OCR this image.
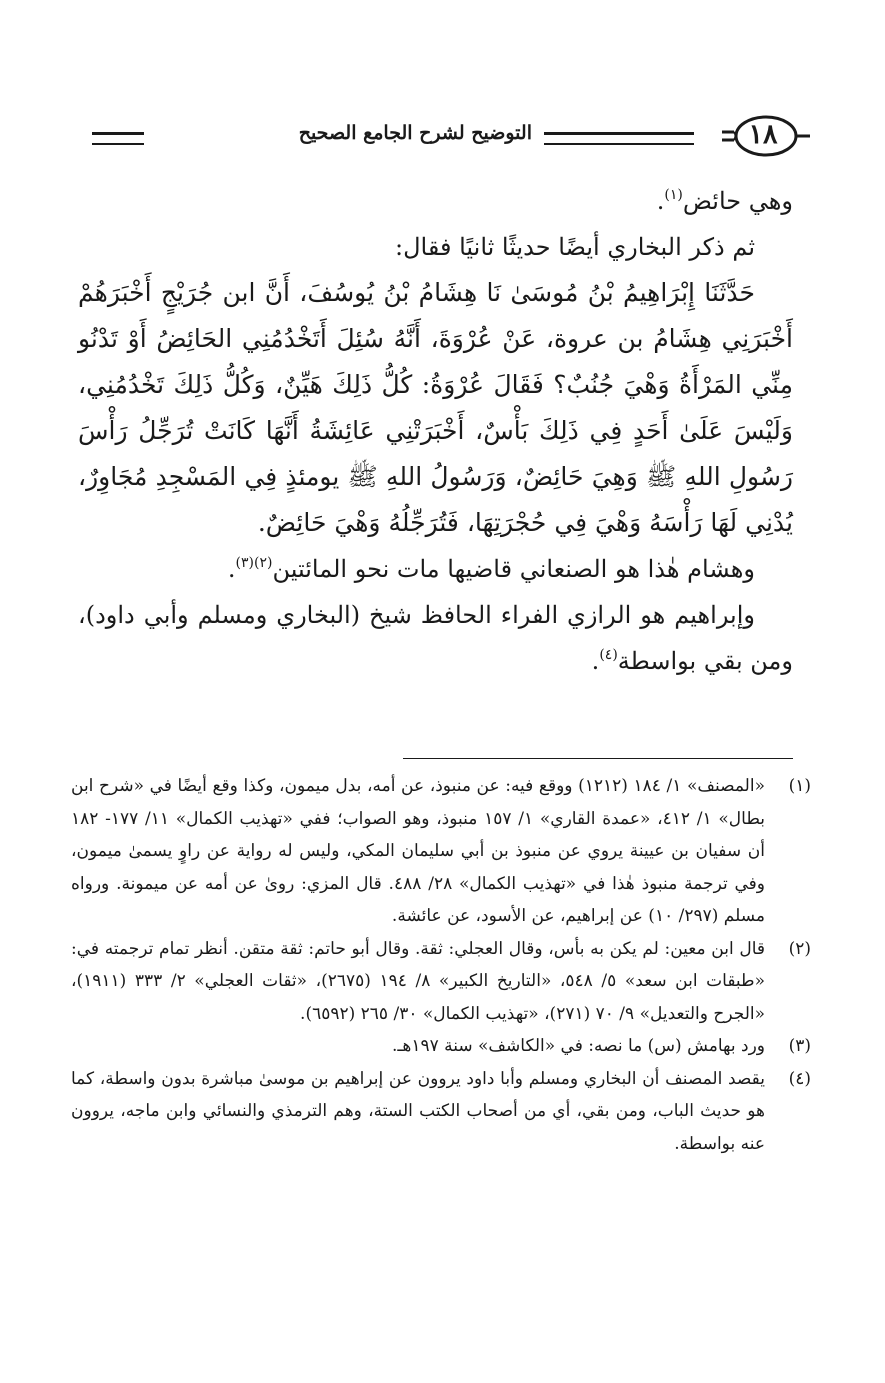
١٨
التوضيح لشرح الجامع الصحيح

وهي حائض$^{(١)}$.

ثم ذكر البخاري أيضًا حديثًا ثانيًا فقال:

حَدَّثَنَا إِبْرَاهِيمُ بْنُ مُوسَىٰ نَا هِشَامُ بْنُ يُوسُفَ، أَنَّ ابن جُرَيْجٍ أَخْبَرَهُمْ أَخْبَرَنِي هِشَامُ بن عروة، عَنْ عُرْوَةَ، أَنَّهُ سُئِلَ أَتَخْدُمُنِي الحَائِضُ أَوْ تَدْنُو مِنِّي المَرْأَةُ وَهْيَ جُنُبٌ؟ فَقَالَ عُرْوَةُ: كُلُّ ذَلِكَ هَيِّنٌ، وَكُلُّ ذَلِكَ تَخْدُمُنِي، وَلَيْسَ عَلَىٰ أَحَدٍ فِي ذَلِكَ بَأْسٌ، أَخْبَرَتْنِي عَائِشَةُ أَنَّهَا كَانَتْ تُرَجِّلُ رَأْسَ رَسُولِ اللهِ ﷺ وَهِيَ حَائِضٌ، وَرَسُولُ اللهِ ﷺ يومئذٍ فِي المَسْجِدِ مُجَاوِرٌ، يُدْنِي لَهَا رَأْسَهُ وَهْيَ فِي حُجْرَتِهَا، فَتُرَجِّلُهُ وَهْيَ حَائِضٌ.

وهشام هٰذا هو الصنعاني قاضيها مات نحو المائتين$^{(٢)(٣)}$.

وإبراهيم هو الرازي الفراء الحافظ شيخ (البخاري ومسلم وأبي داود)، ومن بقي بواسطة$^{(٤)}$.

(١)

«المصنف» ١/ ١٨٤ (١٢١٢) ووقع فيه: عن منبوذ، عن أمه، بدل ميمون، وكذا وقع أيضًا في «شرح ابن بطال» ١/ ٤١٢، «عمدة القاري» ١/ ١٥٧ منبوذ، وهو الصواب؛ ففي «تهذيب الكمال» ١١/ ١٧٧- ١٨٢ أن سفيان بن عيينة يروي عن منبوذ بن أبي سليمان المكي، وليس له رواية عن راوٍ يسمىٰ ميمون، وفي ترجمة منبوذ هٰذا في «تهذيب الكمال» ٢٨/ ٤٨٨. قال المزي: روىٰ عن أمه عن ميمونة. ورواه مسلم (٢٩٧/ ١٠) عن إبراهيم، عن الأسود، عن عائشة.

(٢)

قال ابن معين: لم يكن به بأس، وقال العجلي: ثقة. وقال أبو حاتم: ثقة متقن. أنظر تمام ترجمته في: «طبقات ابن سعد» ٥/ ٥٤٨، «التاريخ الكبير» ٨/ ١٩٤ (٢٦٧٥)، «ثقات العجلي» ٢/ ٣٣٣ (١٩١١)، «الجرح والتعديل» ٩/ ٧٠ (٢٧١)، «تهذيب الكمال» ٣٠/ ٢٦٥ (٦٥٩٢).

(٣)

ورد بهامش (س) ما نصه: في «الكاشف» سنة ١٩٧هـ.

(٤)

يقصد المصنف أن البخاري ومسلم وأبا داود يروون عن إبراهيم بن موسىٰ مباشرة بدون واسطة، كما هو حديث الباب، ومن بقي، أي من أصحاب الكتب الستة، وهم الترمذي والنسائي وابن ماجه، يروون عنه بواسطة.
